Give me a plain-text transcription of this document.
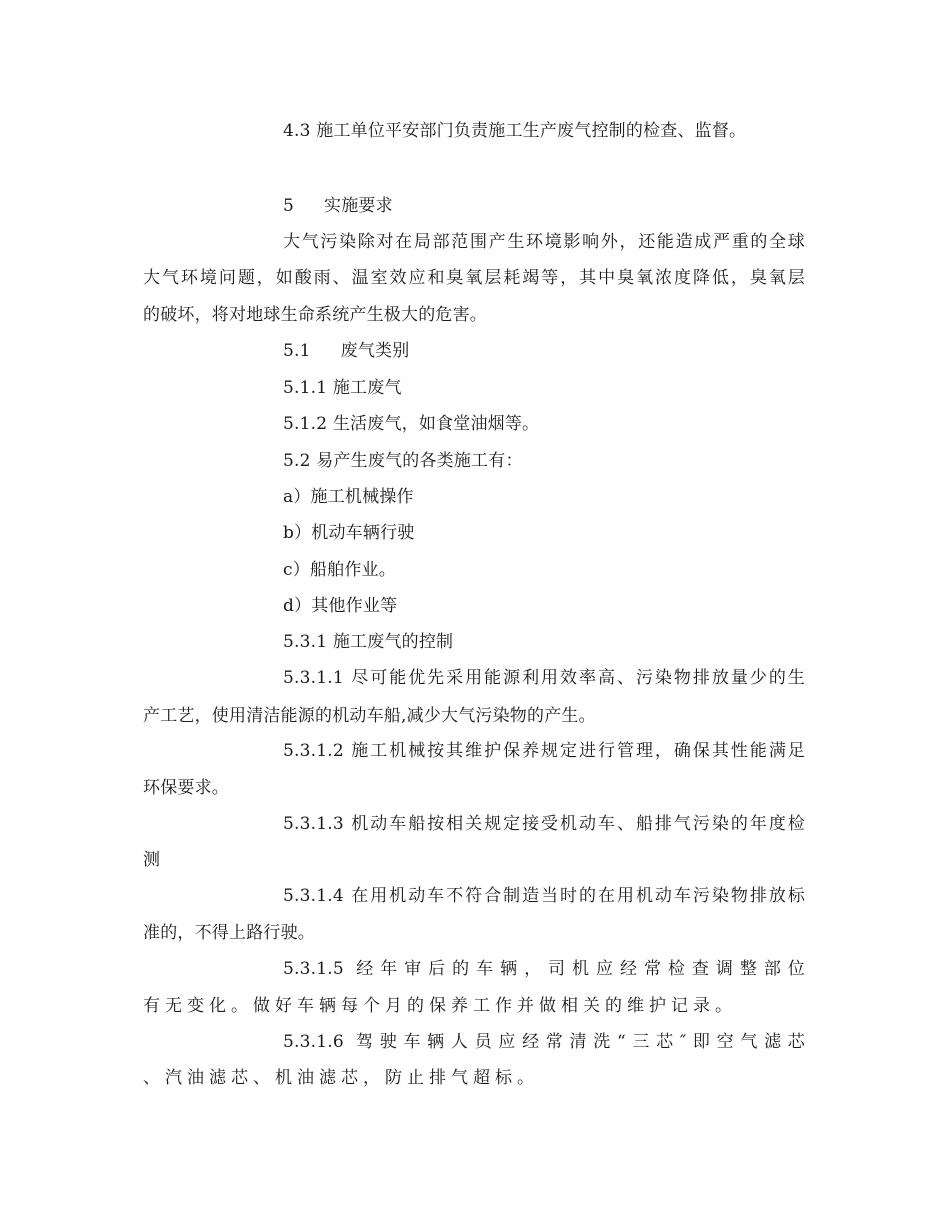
4.3 施工单位平安部门负责施工生产废气控制的检查、监督。
5 实施要求
大气污染除对在局部范围产生环境影响外，还能造成严重的全球
大气环境问题，如酸雨、温室效应和臭氧层耗竭等，其中臭氧浓度降低，臭氧层
的破坏，将对地球生命系统产生极大的危害。
5.1 废气类别
5.1.1 施工废气
5.1.2 生活废气，如食堂油烟等。
5.2 易产生废气的各类施工有：
a）施工机械操作
b）机动车辆行驶
c）船舶作业。
d）其他作业等
5.3.1 施工废气的控制
5.3.1.1 尽可能优先采用能源利用效率高、污染物排放量少的生
产工艺，使用清洁能源的机动车船,减少大气污染物的产生。
5.3.1.2 施工机械按其维护保养规定进行管理，确保其性能满足
环保要求。
5.3.1.3 机动车船按相关规定接受机动车、船排气污染的年度检
测
5.3.1.4 在用机动车不符合制造当时的在用机动车污染物排放标
准的，不得上路行驶。
5.3.1.5 经年审后的车辆，司机应经常检查调整部位
有无变化。做好车辆每个月的保养工作并做相关的维护记录。
5.3.1.6 驾驶车辆人员应经常清洗“三芯″即空气滤芯
、汽油滤芯、机油滤芯，防止排气超标。
